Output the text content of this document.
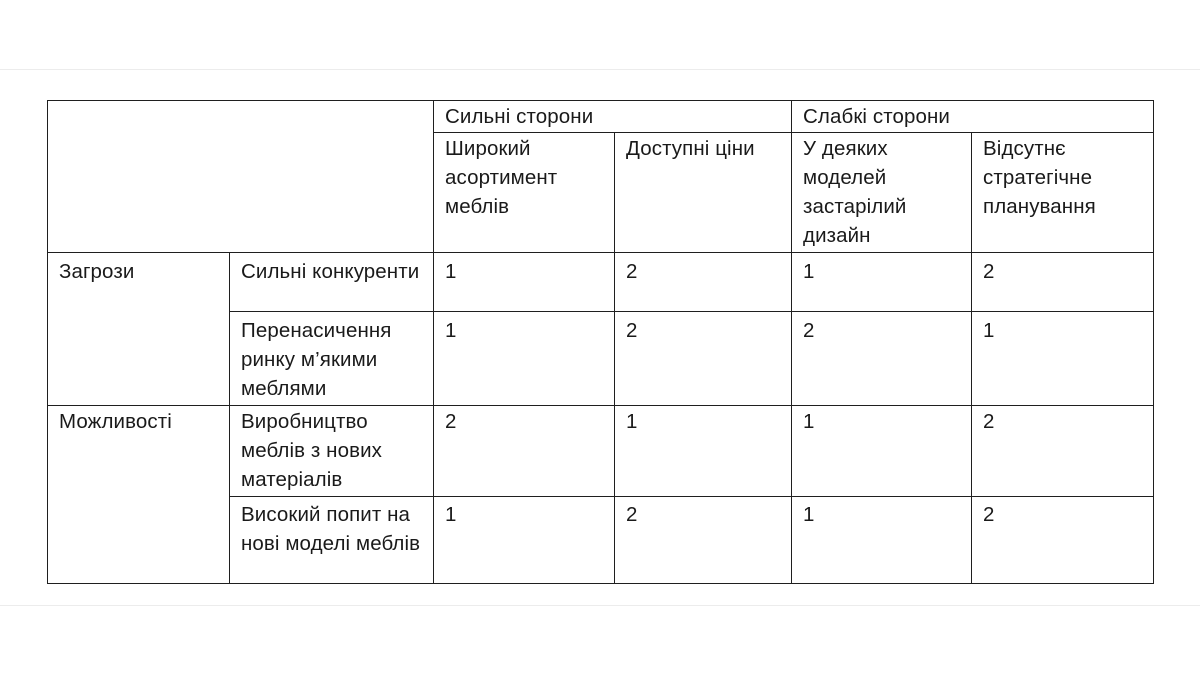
		Сильні сторони		Слабкі сторони	
		Широкий асортимент меблів	Доступні ціни	У деяких моделей застарілий дизайн	Відсутнє стратегічне планування
Загрози	Сильні конкуренти	1	2	1	2
	Перенасичення ринку м’якими меблями	1	2	2	1
Можливості	Виробництво меблів з нових матеріалів	2	1	1	2
	Високий попит на нові моделі меблів	1	2	1	2
